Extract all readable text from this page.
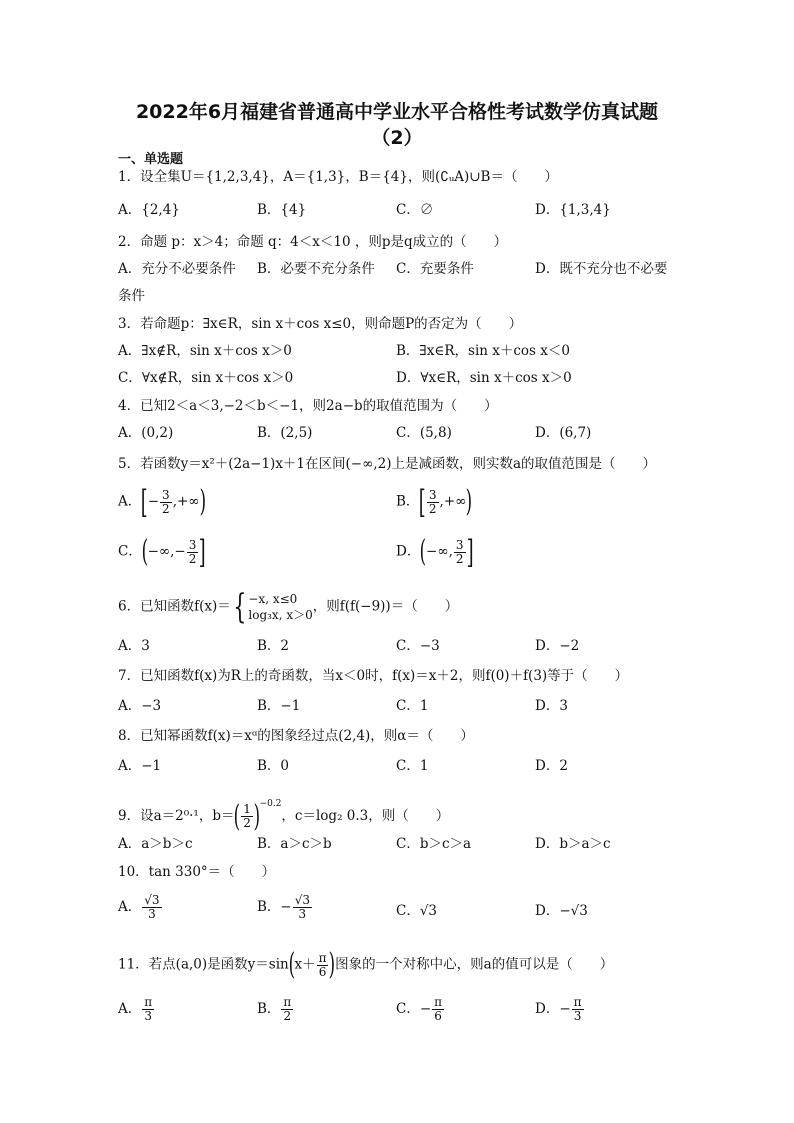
2022年6月福建省普通高中学业水平合格性考试数学仿真试题
（2）
一、单选题
1．设全集U＝{1,2,3,4}，A＝{1,3}，B＝{4}，则(∁ᵤA)∪B＝（　　）
A．{2,4}	B．{4}	C．∅	D．{1,3,4}
2．命题 p：x＞4；命题 q：4＜x＜10 ，则p是q成立的（　　）
A．充分不必要条件 B．必要不充分条件 C．充要条件	D．既不充分也不必要
条件
3．若命题p：∃x∈R，sin x＋cos x≤0，则命题P的否定为（　　）
A．∃x∉R，sin x＋cos x＞0	B．∃x∈R，sin x＋cos x＜0
C．∀x∉R，sin x＋cos x＞0	D．∀x∈R，sin x＋cos x＞0
4．已知2＜a＜3,−2＜b＜−1，则2a−b的取值范围为（　　）
A．(0,2)	B．(2,5)	C．(5,8)	D．(6,7)
5．若函数y＝x²＋(2a−1)x＋1在区间(−∞,2)上是减函数，则实数a的取值范围是（　　）
A．[− $\frac{3}{2}$ ,+∞)	B．[ $\frac{3}{2}$ ,+∞)
C．(−∞,− $\frac{3}{2}$ ]	D．(−∞, $\frac{3}{2}$ ]
6．已知函数f(x)＝{ −x, x≤0
log₃x, x＞0
，则f(f(−9))＝（　　）
A．3	B．2	C．−3	D．−2
7．已知函数f(x)为R上的奇函数，当x＜0时，f(x)＝x＋2，则f(0)＋f(3)等于（　　）
A．−3	B．−1	C．1	D．3
8．已知幂函数f(x)＝xᵅ的图象经过点(2,4)，则α＝（　　）
A．−1	B．0	C．1	D．2
9．设a＝2⁰·¹，$b=( \frac{1}{2} )^{-0.2}$，c＝log₂ 0.3，则（　　）
A．a＞b＞c	B．a＞c＞b	C．b＞c＞a	D．b＞a＞c
10．tan 330°＝（　　）
A． $\frac{√3}{3}$	B．− $\frac{√3}{3}$	C．√3	D．−√3
11．若点(a,0)是函数$y=\sin(x+ \frac{\pi}{6}$ )图象的一个对称中心，则a的值可以是（　　）
A． $\frac{\pi}{3}$	B． $\frac{\pi}{2}$	C．− $\frac{\pi}{6}$	D．− $\frac{\pi}{3}$
